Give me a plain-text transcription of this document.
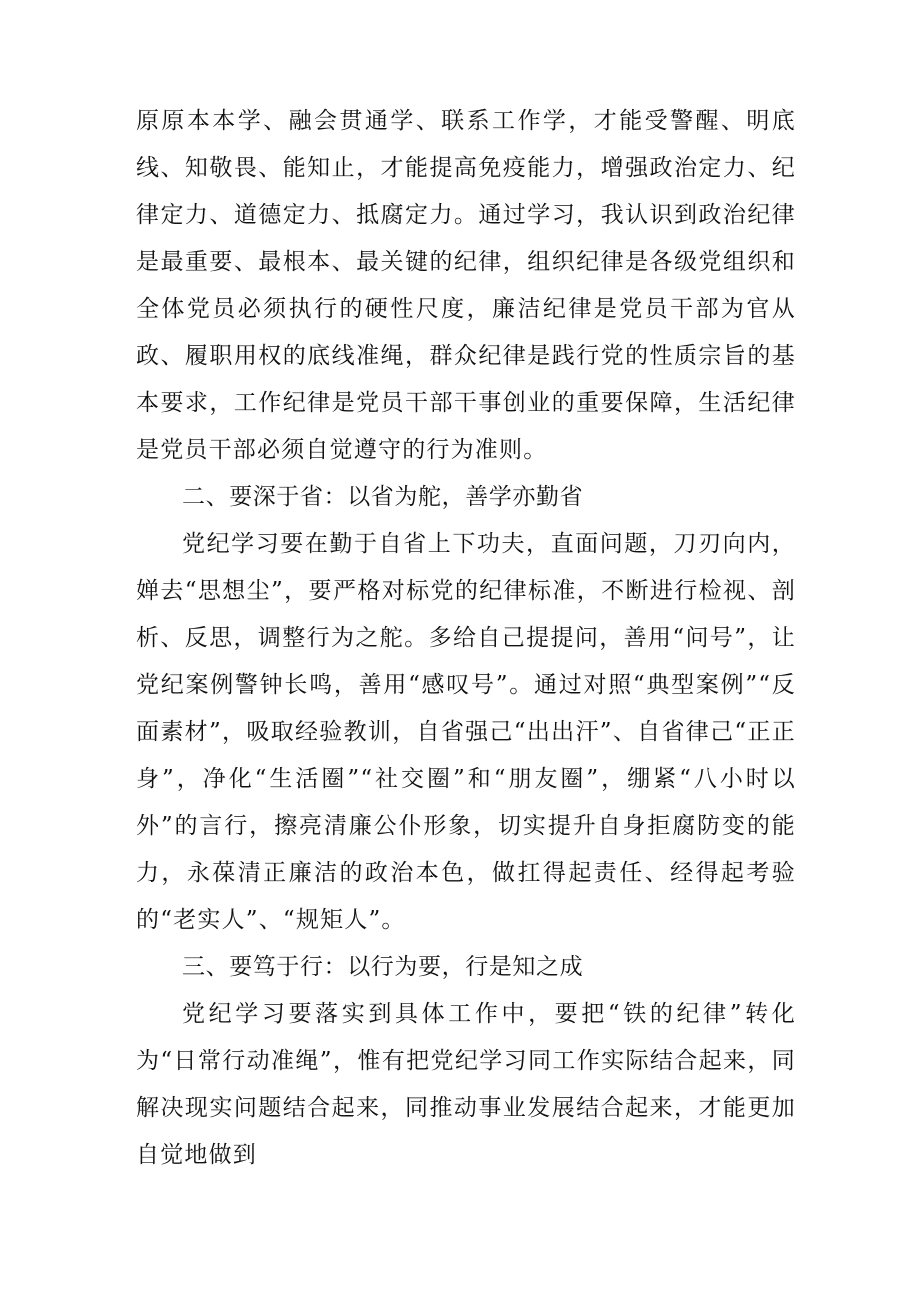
原原本本学、融会贯通学、联系工作学，才能受警醒、明底线、知敬畏、能知止，才能提高免疫能力，增强政治定力、纪律定力、道德定力、抵腐定力。通过学习，我认识到政治纪律是最重要、最根本、最关键的纪律，组织纪律是各级党组织和全体党员必须执行的硬性尺度，廉洁纪律是党员干部为官从政、履职用权的底线准绳，群众纪律是践行党的性质宗旨的基本要求，工作纪律是党员干部干事创业的重要保障，生活纪律是党员干部必须自觉遵守的行为准则。

二、要深于省：以省为舵，善学亦勤省

党纪学习要在勤于自省上下功夫，直面问题，刀刃向内，婵去“思想尘”，要严格对标党的纪律标准，不断进行检视、剖析、反思，调整行为之舵。多给自己提提问，善用“问号”，让党纪案例警钟长鸣，善用“感叹号”。通过对照“典型案例”“反面素材”，吸取经验教训，自省强己“出出汗”、自省律己“正正身”，净化“生活圈”“社交圈”和“朋友圈”，绷紧“八小时以外”的言行，擦亮清廉公仆形象，切实提升自身拒腐防变的能力，永葆清正廉洁的政治本色，做扛得起责任、经得起考验的“老实人”、“规矩人”。

三、要笃于行：以行为要，行是知之成

党纪学习要落实到具体工作中，要把“铁的纪律”转化为“日常行动准绳”，惟有把党纪学习同工作实际结合起来，同解决现实问题结合起来，同推动事业发展结合起来，才能更加自觉地做到
